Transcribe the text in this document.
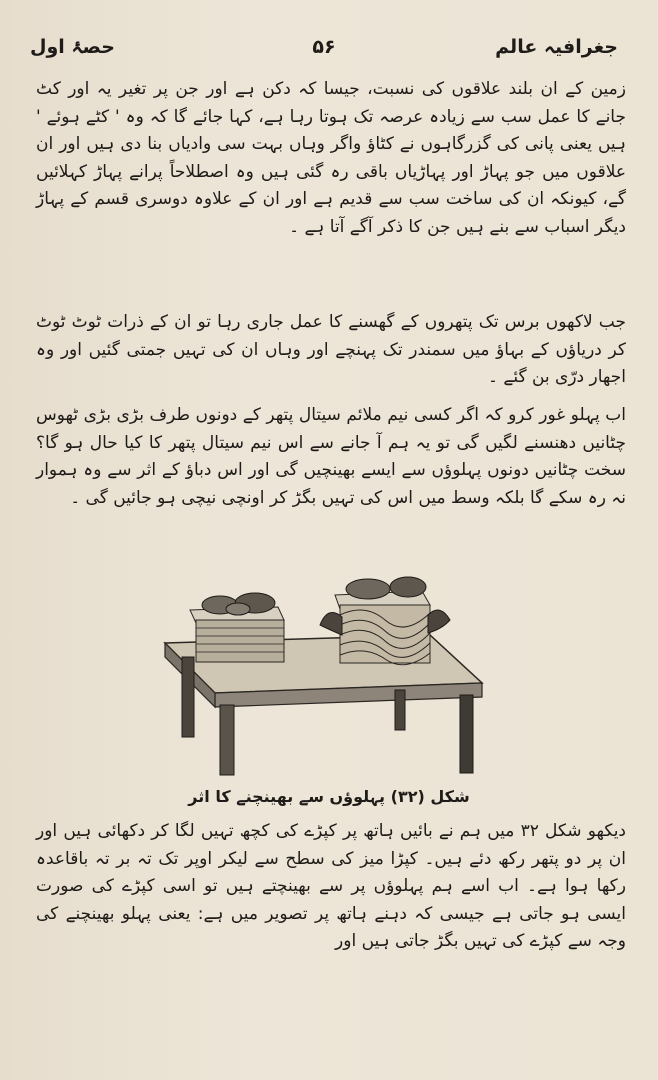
جغرافیہ عالم
۵۶
حصۂ اول

زمین کے ان بلند علاقوں کی نسبت، جیسا کہ دکن ہے اور جن پر تغیر یہ اور کٹ جانے کا عمل سب سے زیادہ عرصہ تک ہوتا رہا ہے، کہا جائے گا کہ وہ ' کٹے ہوئے ' ہیں یعنی پانی کی گزرگاہوں نے کٹاؤ واگر وہاں بہت سی وادیاں بنا دی ہیں اور ان علاقوں میں جو پہاڑ اور پہاڑیاں باقی رہ گئی ہیں وہ اصطلاحاً پرانے پہاڑ کہلائیں گے، کیونکہ ان کی ساخت سب سے قدیم ہے اور ان کے علاوہ دوسری قسم کے پہاڑ دیگر اسباب سے بنے ہیں جن کا ذکر آگے آتا ہے ۔

جب لاکھوں برس تک پتھروں کے گھسنے کا عمل جاری رہا تو ان کے ذرات ٹوٹ ٹوٹ کر دریاؤں کے بہاؤ میں سمندر تک پہنچے اور وہاں ان کی تہیں جمتی گئیں اور وہ اجھار درّی بن گئے ۔

اب پہلو غور کرو کہ اگر کسی نیم ملائم سیتال پتھر کے دونوں طرف بڑی بڑی ٹھوس چٹانیں دھنسنے لگیں گی تو یہ ہم آ جانے سے اس نیم سیتال پتھر کا کیا حال ہو گا؟ سخت چٹانیں دونوں پہلوؤں سے ایسے بھینچیں گی اور اس دباؤ کے اثر سے وہ ہموار نہ رہ سکے گا بلکہ وسط میں اس کی تہیں بگڑ کر اونچی نیچی ہو جائیں گی ۔

شکل (۳۲) پہلوؤں سے بھینچنے کا اثر

دیکھو شکل ۳۲ میں ہم نے بائیں ہاتھ پر کپڑے کی کچھ تہیں لگا کر دکھائی ہیں اور ان پر دو پتھر رکھ دئے ہیں۔ کپڑا میز کی سطح سے لیکر اوپر تک تہ بر تہ باقاعدہ رکھا ہوا ہے۔ اب اسے ہم پہلوؤں پر سے بھینچتے ہیں تو اسی کپڑے کی صورت ایسی ہو جاتی ہے جیسی کہ دہنے ہاتھ پر تصویر میں ہے: یعنی پہلو بھینچنے کی وجہ سے کپڑے کی تہیں بگڑ جاتی ہیں اور
